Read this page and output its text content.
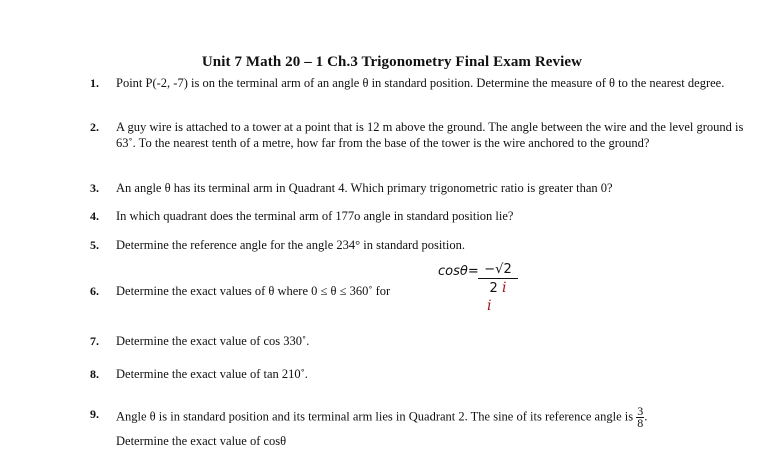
Unit 7 Math 20 – 1 Ch.3 Trigonometry Final Exam Review
1. Point P(-2, -7) is on the terminal arm of an angle θ in standard position. Determine the measure of θ to the nearest degree.
2. A guy wire is attached to a tower at a point that is 12 m above the ground. The angle between the wire and the level ground is 63˚. To the nearest tenth of a metre, how far from the base of the tower is the wire anchored to the ground?
3. An angle θ has its terminal arm in Quadrant 4. Which primary trigonometric ratio is greater than 0?
4. In which quadrant does the terminal arm of 177o angle in standard position lie?
5. Determine the reference angle for the angle 234° in standard position.
6. Determine the exact values of θ where 0 ≤ θ ≤ 360˚ for
$\cos\theta= \frac{-√2}{2 i}$
i
7. Determine the exact value of cos 330˚.
8. Determine the exact value of tan 210˚.
9. Angle θ is in standard position and its terminal arm lies in Quadrant 2. The sine of its reference angle is $\frac{3}{8}$ .
Determine the exact value of cosθ
